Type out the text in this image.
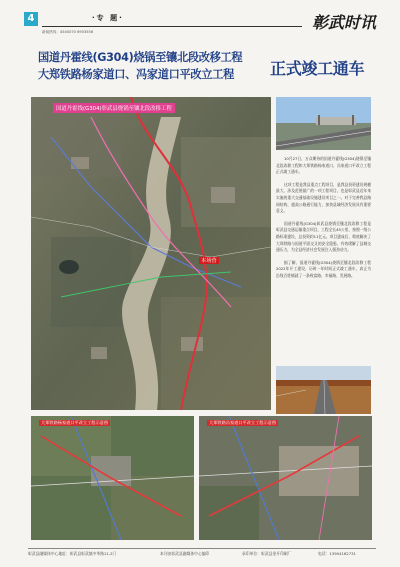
4	·专 题·
新闻热线：4540070 6953556	彰武时讯
国道丹霍线(G304)烧锅至镶北段改移工程
大郑铁路杨家道口、冯家道口平改立工程 正式竣工通车
国道丹霍线(G304)彰武县烧锅至镶北段改移工程
本场营

10月27日，万众期待的国道丹霍线(G304)烧锅至镶北段改移工程和大郑铁路杨家道口、冯家道口平改立工程正式竣工通车。

这项工程是我县重点工程项目，是我县投资建设规模最大、涉及范围最广的一项工程项目，也是彰武县近年来实施的重大交通基础设施建设项目之一。对于完善我县路网结构，提高公路通行能力，加快县域经济发展具有重要意义。

国道丹霍线(G304)彰武县烧锅至镶北段改移工程是彰武县交通运输重点项目，工程全长45公里，按照一级公路标准建设，总投资约11亿元。项目建成后，彻底解决了大郑铁路与国道平面交叉的安全隐患，有效缓解了县城交通压力，为全县经济社会发展注入强劲动力。

据了解，国道丹霍线(G304)烧锅至镶北段改移工程2022年开工建设，历时一年时间正式竣工通车，真正为沿线百姓铺就了一条致富路、幸福路、发展路。

大郑铁路杨家道口平改立工程示意图	大郑铁路冯家道口平改立工程示意图
彰武县融媒体中心地址：彰武县彰武镇中华路11-2门	本刊由彰武县融媒体中心编印	承印单位：彰武县金开印刷厂	电话：13904162731
